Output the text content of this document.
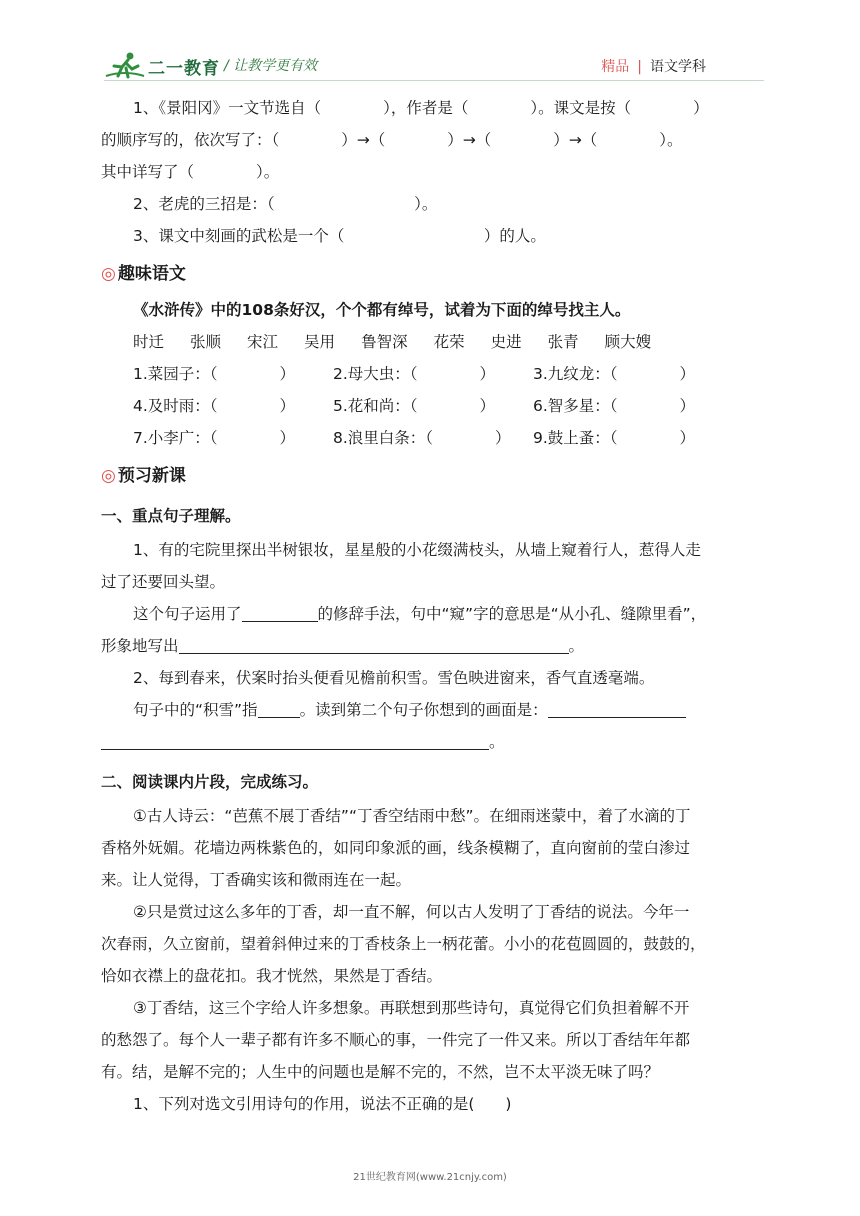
二一教育 / 让教学更有效	精品 | 语文学科

1、《景阳冈》一文节选自（　　　　），作者是（　　　　）。课文是按（　　　　）

的顺序写的，依次写了：（　　　　）→（　　　　）→（　　　　）→（　　　　）。

其中详写了（　　　　）。

2、老虎的三招是：（　　　　　　　　　）。

3、课文中刻画的武松是一个（　　　　　　　　　）的人。

◎ 趣味语文

《水浒传》中的108条好汉，个个都有绰号，试着为下面的绰号找主人。

时迁 张顺 宋江 吴用 鲁智深 花荣 史进 张青 顾大嫂

1.菜园子：（　　　　）	2.母大虫：（　　　　）	3.九纹龙：（　　　　）
4.及时雨：（　　　　）	5.花和尚：（　　　　）	6.智多星：（　　　　）
7.小李广：（　　　　）	8.浪里白条：（　　　　）	9.鼓上蚤：（　　　　）
◎ 预习新课
一、重点句子理解。

1、有的宅院里探出半树银妆，星星般的小花缀满枝头，从墙上窥着行人，惹得人走

过了还要回头望。

这个句子运用了	的修辞手法，句中“窥”字的意思是“从小孔、缝隙里看”，

形象地写出	。

2、每到春来，伏案时抬头便看见檐前积雪。雪色映进窗来，香气直透毫端。

句子中的“积雪”指	。读到第二个句子你想到的画面是：

。

二、阅读课内片段，完成练习。

①古人诗云：“芭蕉不展丁香结”“丁香空结雨中愁”。在细雨迷蒙中，着了水滴的丁

香格外妩媚。花墙边两株紫色的，如同印象派的画，线条模糊了，直向窗前的莹白渗过

来。让人觉得，丁香确实该和微雨连在一起。

②只是赏过这么多年的丁香，却一直不解，何以古人发明了丁香结的说法。今年一

次春雨，久立窗前，望着斜伸过来的丁香枝条上一柄花蕾。小小的花苞圆圆的，鼓鼓的，

恰如衣襟上的盘花扣。我才恍然，果然是丁香结。

③丁香结，这三个字给人许多想象。再联想到那些诗句，真觉得它们负担着解不开

的愁怨了。每个人一辈子都有许多不顺心的事，一件完了一件又来。所以丁香结年年都

有。结，是解不完的；人生中的问题也是解不完的，不然，岂不太平淡无味了吗？

1、下列对选文引用诗句的作用，说法不正确的是(　　)

21世纪教育网(www.21cnjy.com)
